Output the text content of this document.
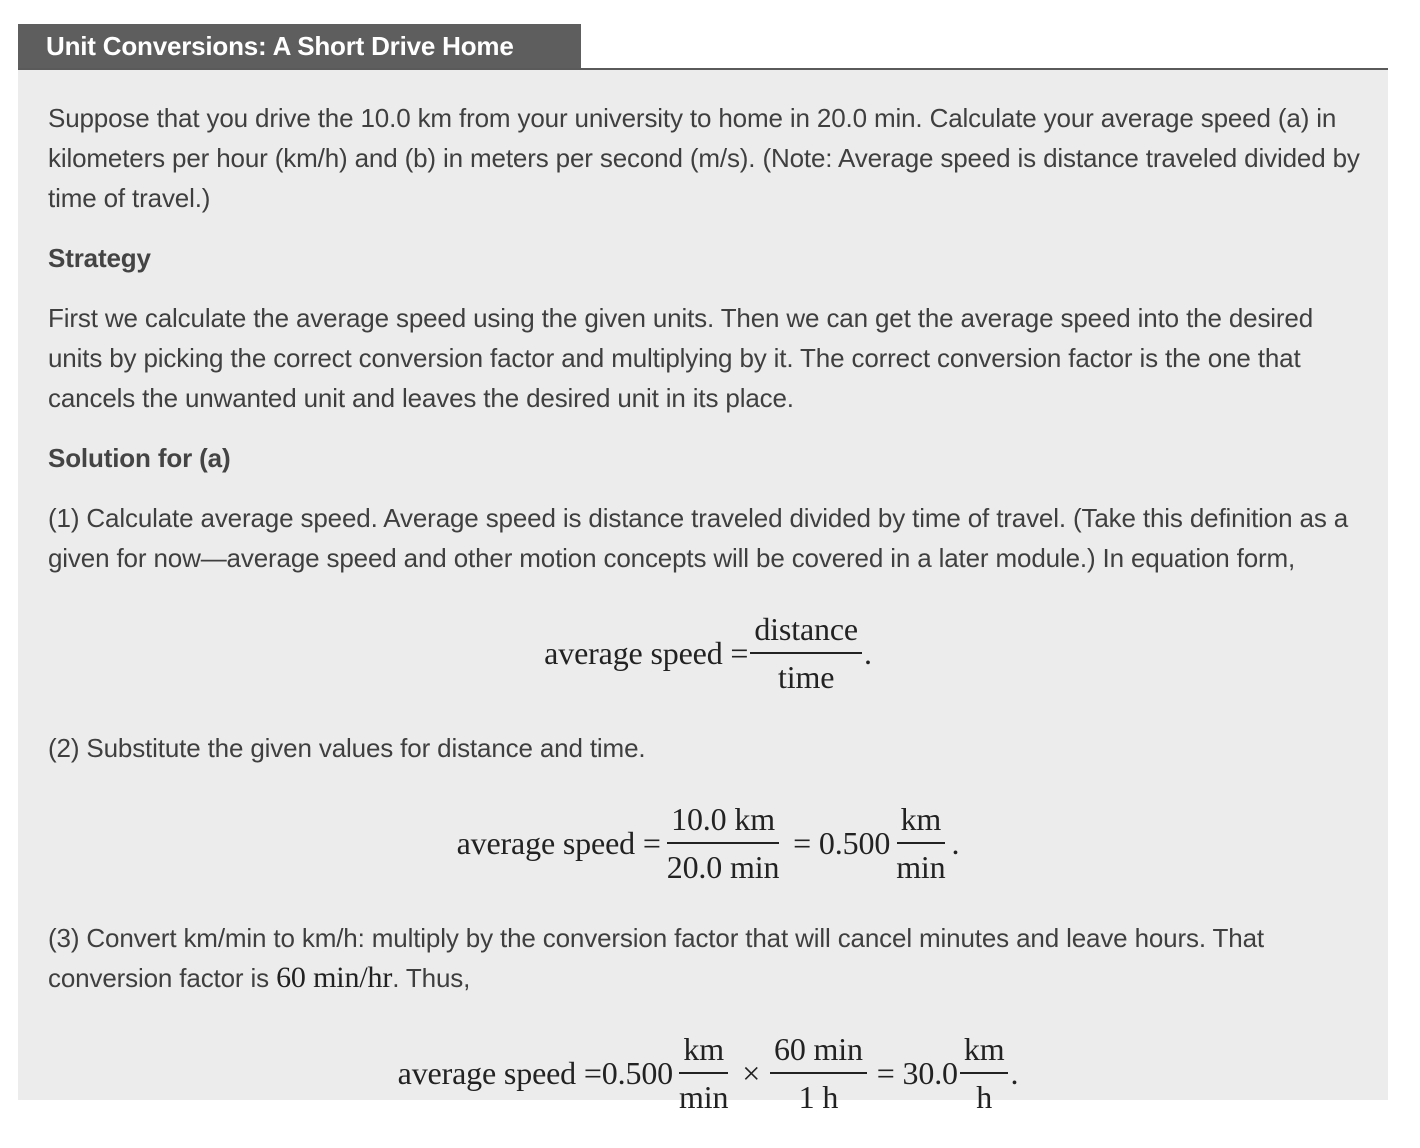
Unit Conversions: A Short Drive Home

Suppose that you drive the 10.0 km from your university to home in 20.0 min. Calculate your average speed (a) in kilometers per hour (km/h) and (b) in meters per second (m/s). (Note: Average speed is distance traveled divided by time of travel.)

Strategy

First we calculate the average speed using the given units. Then we can get the average speed into the desired units by picking the correct conversion factor and multiplying by it. The correct conversion factor is the one that cancels the unwanted unit and leaves the desired unit in its place.

Solution for (a)

(1) Calculate average speed. Average speed is distance traveled divided by time of travel. (Take this definition as a given for now—average speed and other motion concepts will be covered in a later module.) In equation form,

average speed = $\frac{\text{distance}}{\text{time}}$ .

(2) Substitute the given values for distance and time.

average speed = $\frac{10.0 km}{20.0 \min} = 0.500 \frac{km}{\min}$ .

(3) Convert km/min to km/h: multiply by the conversion factor that will cancel minutes and leave hours. That conversion factor is 60 min/hr. Thus,

average speed $=0.500 \frac{km}{\min} \times \frac{60 \min}{1 h} = 30.0 \frac{km}{h}$ .
